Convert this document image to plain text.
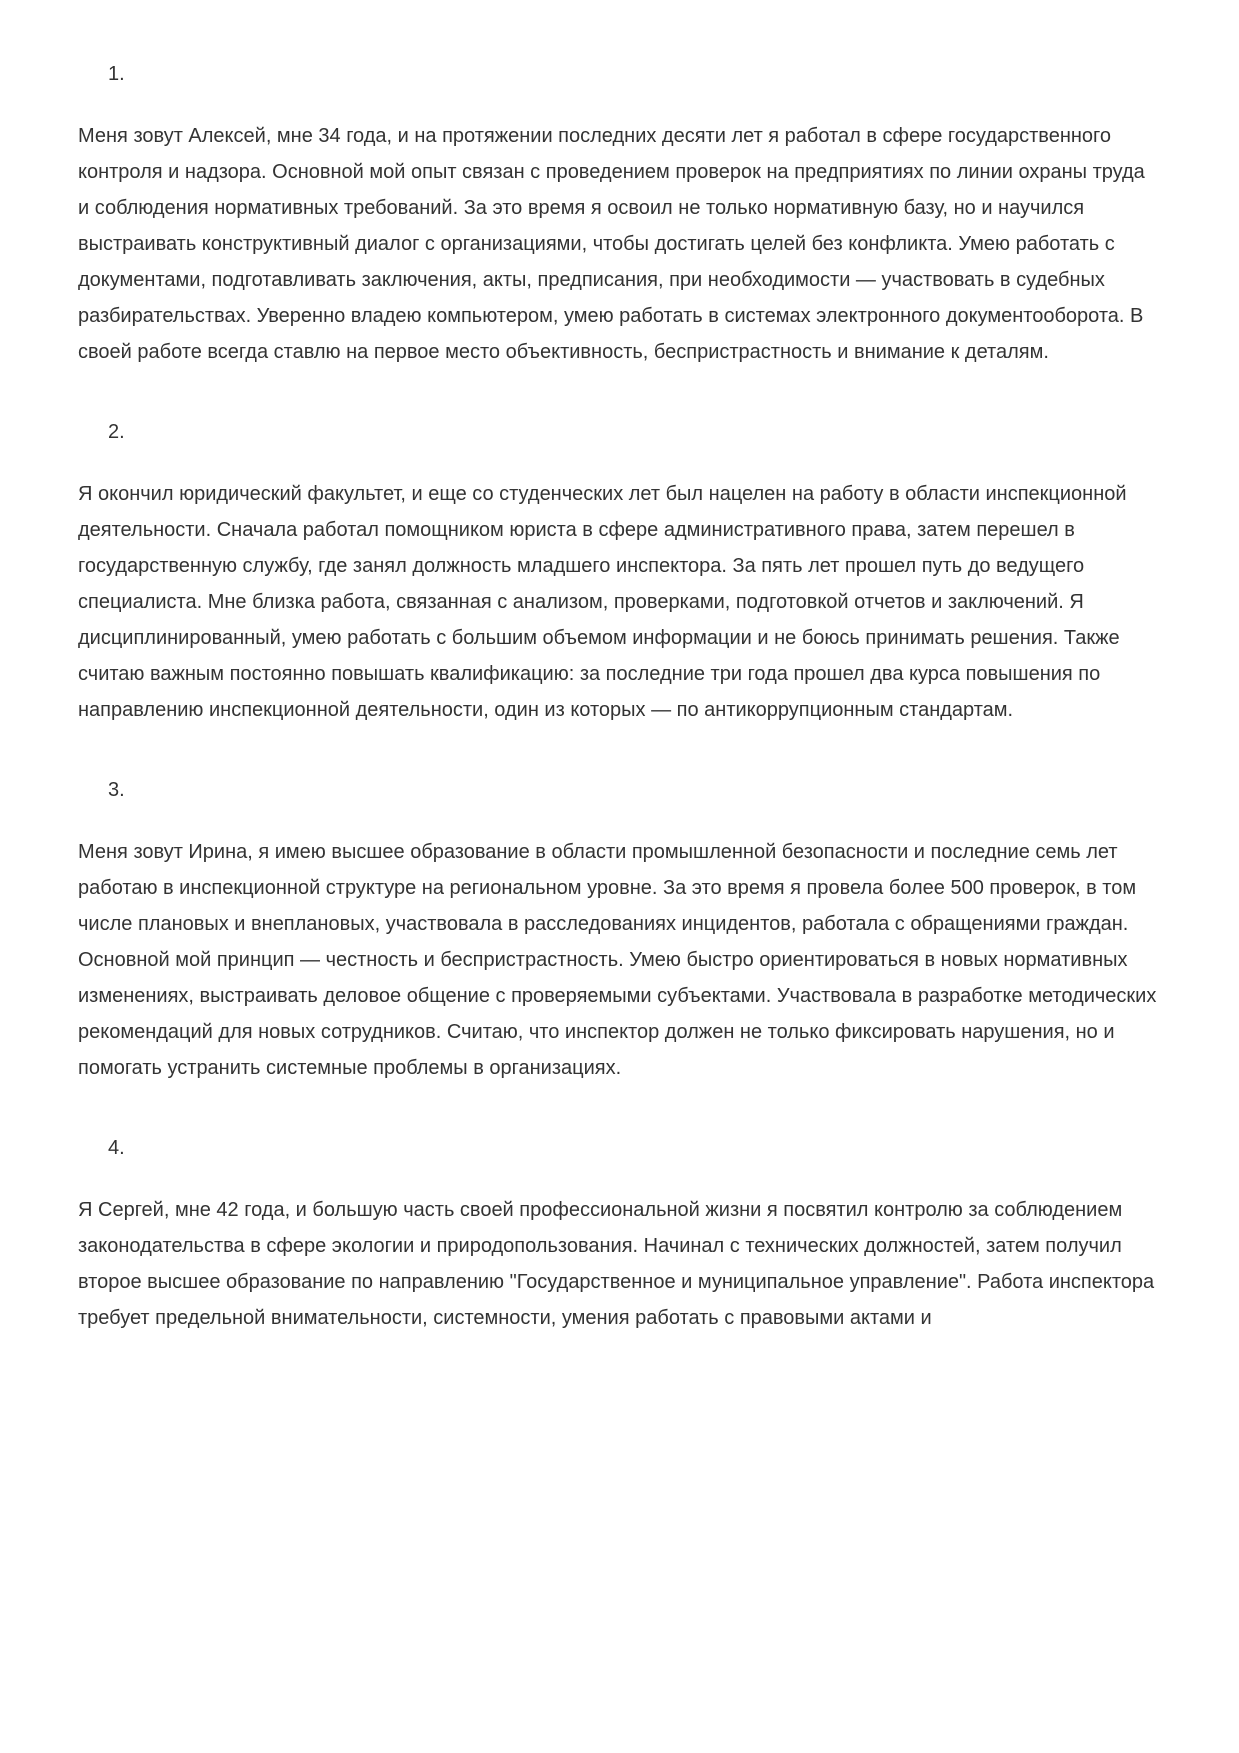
1.

Меня зовут Алексей, мне 34 года, и на протяжении последних десяти лет я работал в сфере государственного контроля и надзора. Основной мой опыт связан с проведением проверок на предприятиях по линии охраны труда и соблюдения нормативных требований. За это время я освоил не только нормативную базу, но и научился выстраивать конструктивный диалог с организациями, чтобы достигать целей без конфликта. Умею работать с документами, подготавливать заключения, акты, предписания, при необходимости — участвовать в судебных разбирательствах. Уверенно владею компьютером, умею работать в системах электронного документооборота. В своей работе всегда ставлю на первое место объективность, беспристрастность и внимание к деталям.

2.

Я окончил юридический факультет, и еще со студенческих лет был нацелен на работу в области инспекционной деятельности. Сначала работал помощником юриста в сфере административного права, затем перешел в государственную службу, где занял должность младшего инспектора. За пять лет прошел путь до ведущего специалиста. Мне близка работа, связанная с анализом, проверками, подготовкой отчетов и заключений. Я дисциплинированный, умею работать с большим объемом информации и не боюсь принимать решения. Также считаю важным постоянно повышать квалификацию: за последние три года прошел два курса повышения по направлению инспекционной деятельности, один из которых — по антикоррупционным стандартам.

3.

Меня зовут Ирина, я имею высшее образование в области промышленной безопасности и последние семь лет работаю в инспекционной структуре на региональном уровне. За это время я провела более 500 проверок, в том числе плановых и внеплановых, участвовала в расследованиях инцидентов, работала с обращениями граждан. Основной мой принцип — честность и беспристрастность. Умею быстро ориентироваться в новых нормативных изменениях, выстраивать деловое общение с проверяемыми субъектами. Участвовала в разработке методических рекомендаций для новых сотрудников. Считаю, что инспектор должен не только фиксировать нарушения, но и помогать устранить системные проблемы в организациях.

4.

Я Сергей, мне 42 года, и большую часть своей профессиональной жизни я посвятил контролю за соблюдением законодательства в сфере экологии и природопользования. Начинал с технических должностей, затем получил второе высшее образование по направлению "Государственное и муниципальное управление". Работа инспектора требует предельной внимательности, системности, умения работать с правовыми актами и
